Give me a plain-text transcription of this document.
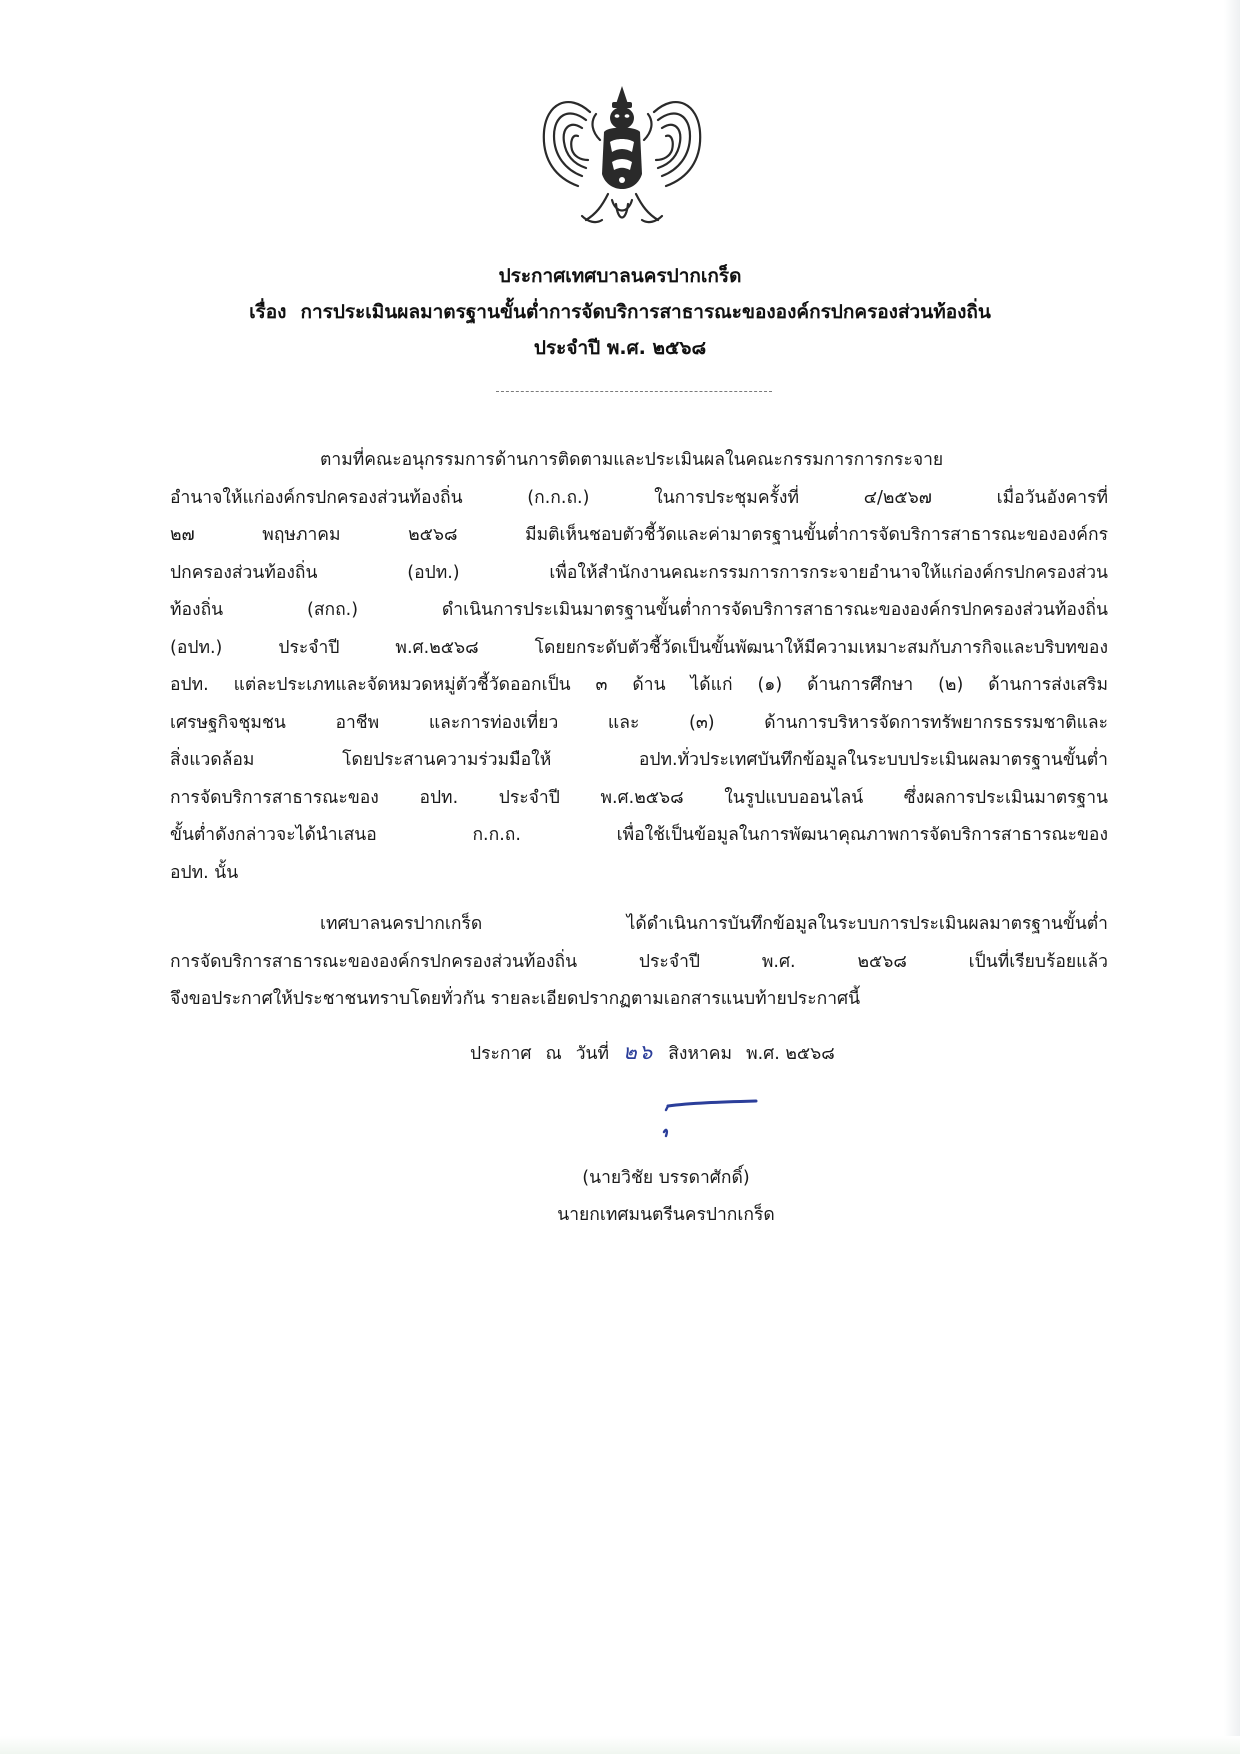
ประกาศเทศบาลนครปากเกร็ด
เรื่อง การประเมินผลมาตรฐานขั้นต่ำการจัดบริการสาธารณะขององค์กรปกครองส่วนท้องถิ่น
ประจำปี พ.ศ. ๒๕๖๘
ตามที่คณะอนุกรรมการด้านการติดตามและประเมินผลในคณะกรรมการการกระจาย
อำนาจให้แก่องค์กรปกครองส่วนท้องถิ่น (ก.ก.ถ.) ในการประชุมครั้งที่ ๔/๒๕๖๗ เมื่อวันอังคารที่
๒๗ พฤษภาคม ๒๕๖๘ มีมติเห็นชอบตัวชี้วัดและค่ามาตรฐานขั้นต่ำการจัดบริการสาธารณะขององค์กร
ปกครองส่วนท้องถิ่น (อปท.) เพื่อให้สำนักงานคณะกรรมการการกระจายอำนาจให้แก่องค์กรปกครองส่วน
ท้องถิ่น (สกถ.) ดำเนินการประเมินมาตรฐานขั้นต่ำการจัดบริการสาธารณะขององค์กรปกครองส่วนท้องถิ่น
(อปท.) ประจำปี พ.ศ.๒๕๖๘ โดยยกระดับตัวชี้วัดเป็นขั้นพัฒนาให้มีความเหมาะสมกับภารกิจและบริบทของ
อปท. แต่ละประเภทและจัดหมวดหมู่ตัวชี้วัดออกเป็น ๓ ด้าน ได้แก่ (๑) ด้านการศึกษา (๒) ด้านการส่งเสริม
เศรษฐกิจชุมชน อาชีพ และการท่องเที่ยว และ (๓) ด้านการบริหารจัดการทรัพยากรธรรมชาติและ
สิ่งแวดล้อม โดยประสานความร่วมมือให้ อปท.ทั่วประเทศบันทึกข้อมูลในระบบประเมินผลมาตรฐานขั้นต่ำ
การจัดบริการสาธารณะของ อปท. ประจำปี พ.ศ.๒๕๖๘ ในรูปแบบออนไลน์ ซึ่งผลการประเมินมาตรฐาน
ขั้นต่ำดังกล่าวจะได้นำเสนอ ก.ก.ถ. เพื่อใช้เป็นข้อมูลในการพัฒนาคุณภาพการจัดบริการสาธารณะของ
อปท. นั้น
เทศบาลนครปากเกร็ด ได้ดำเนินการบันทึกข้อมูลในระบบการประเมินผลมาตรฐานขั้นต่ำ
การจัดบริการสาธารณะขององค์กรปกครองส่วนท้องถิ่น ประจำปี พ.ศ. ๒๕๖๘ เป็นที่เรียบร้อยแล้ว
จึงขอประกาศให้ประชาชนทราบโดยทั่วกัน รายละเอียดปรากฏตามเอกสารแนบท้ายประกาศนี้
ประกาศ ณ วันที่ ๒๖ สิงหาคม พ.ศ. ๒๕๖๘
(นายวิชัย บรรดาศักดิ์)
นายกเทศมนตรีนครปากเกร็ด
